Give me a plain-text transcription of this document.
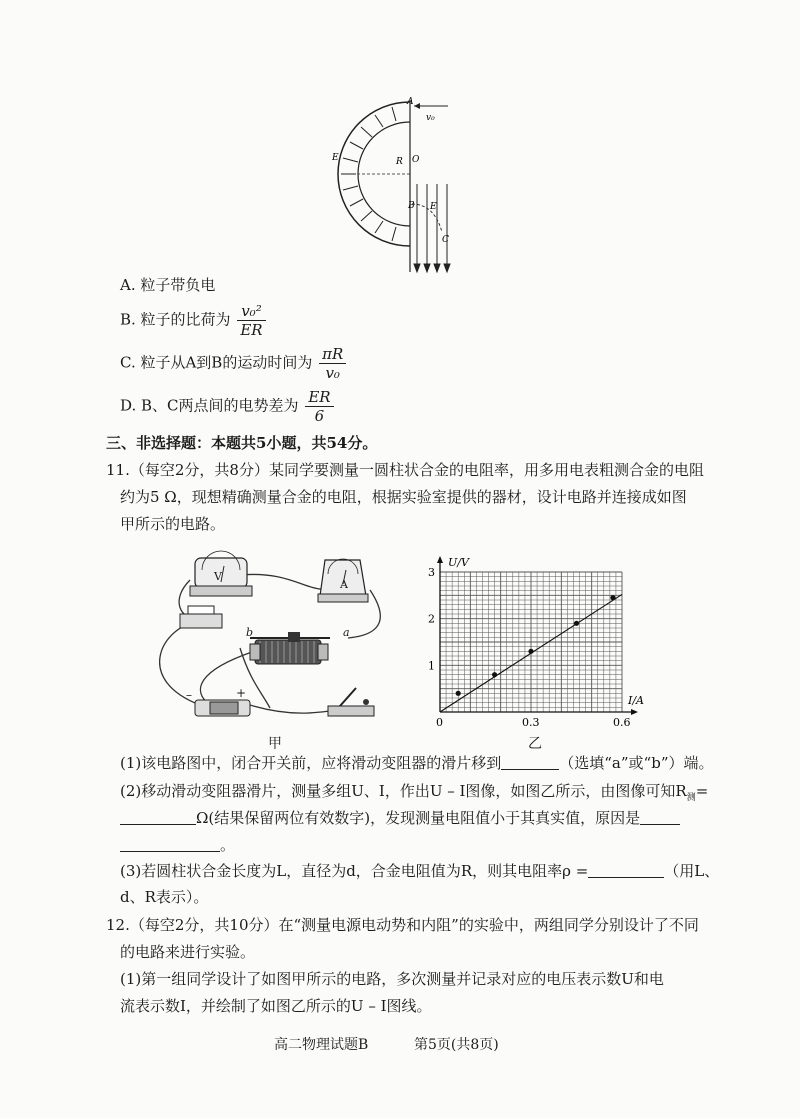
A
v₀
E	R O
B E
C
A. 粒子带负电
B. 粒子的比荷为 $\frac{\text{v₀²}}{ER}$
C. 粒子从A到B的运动时间为 $\frac{\pi R}{\text{v₀}}$
D. B、C两点间的电势差为 $\frac{ER}{6}$
三、非选择题：本题共5小题，共54分。
11.（每空2分，共8分）某同学要测量一圆柱状合金的电阻率，用多用电表粗测合金的电阻
约为5 Ω，现想精确测量合金的电阻，根据实验室提供的器材，设计电路并连接成如图
甲所示的电路。
V
A
b	a
–	+
甲
U/V
I/A
1
2
3
0	0.3	0.6
乙
(1)该电路图中，闭合开关前，应将滑动变阻器的滑片移到	（选填“a”或“b”）端。
(2)移动滑动变阻器滑片，测量多组U、I，作出U – I图像，如图乙所示，由图像可知$R_测=$
Ω(结果保留两位有效数字)，发现测量电阻值小于其真实值，原因是
。
(3)若圆柱状合金长度为L，直径为d，合金电阻值为R，则其电阻率ρ =	（用L、
d、R表示）。
12.（每空2分，共10分）在“测量电源电动势和内阻”的实验中，两组同学分别设计了不同
的电路来进行实验。
(1)第一组同学设计了如图甲所示的电路，多次测量并记录对应的电压表示数U和电
流表示数I，并绘制了如图乙所示的U – I图线。
高二物理试题B	第5页(共8页)
